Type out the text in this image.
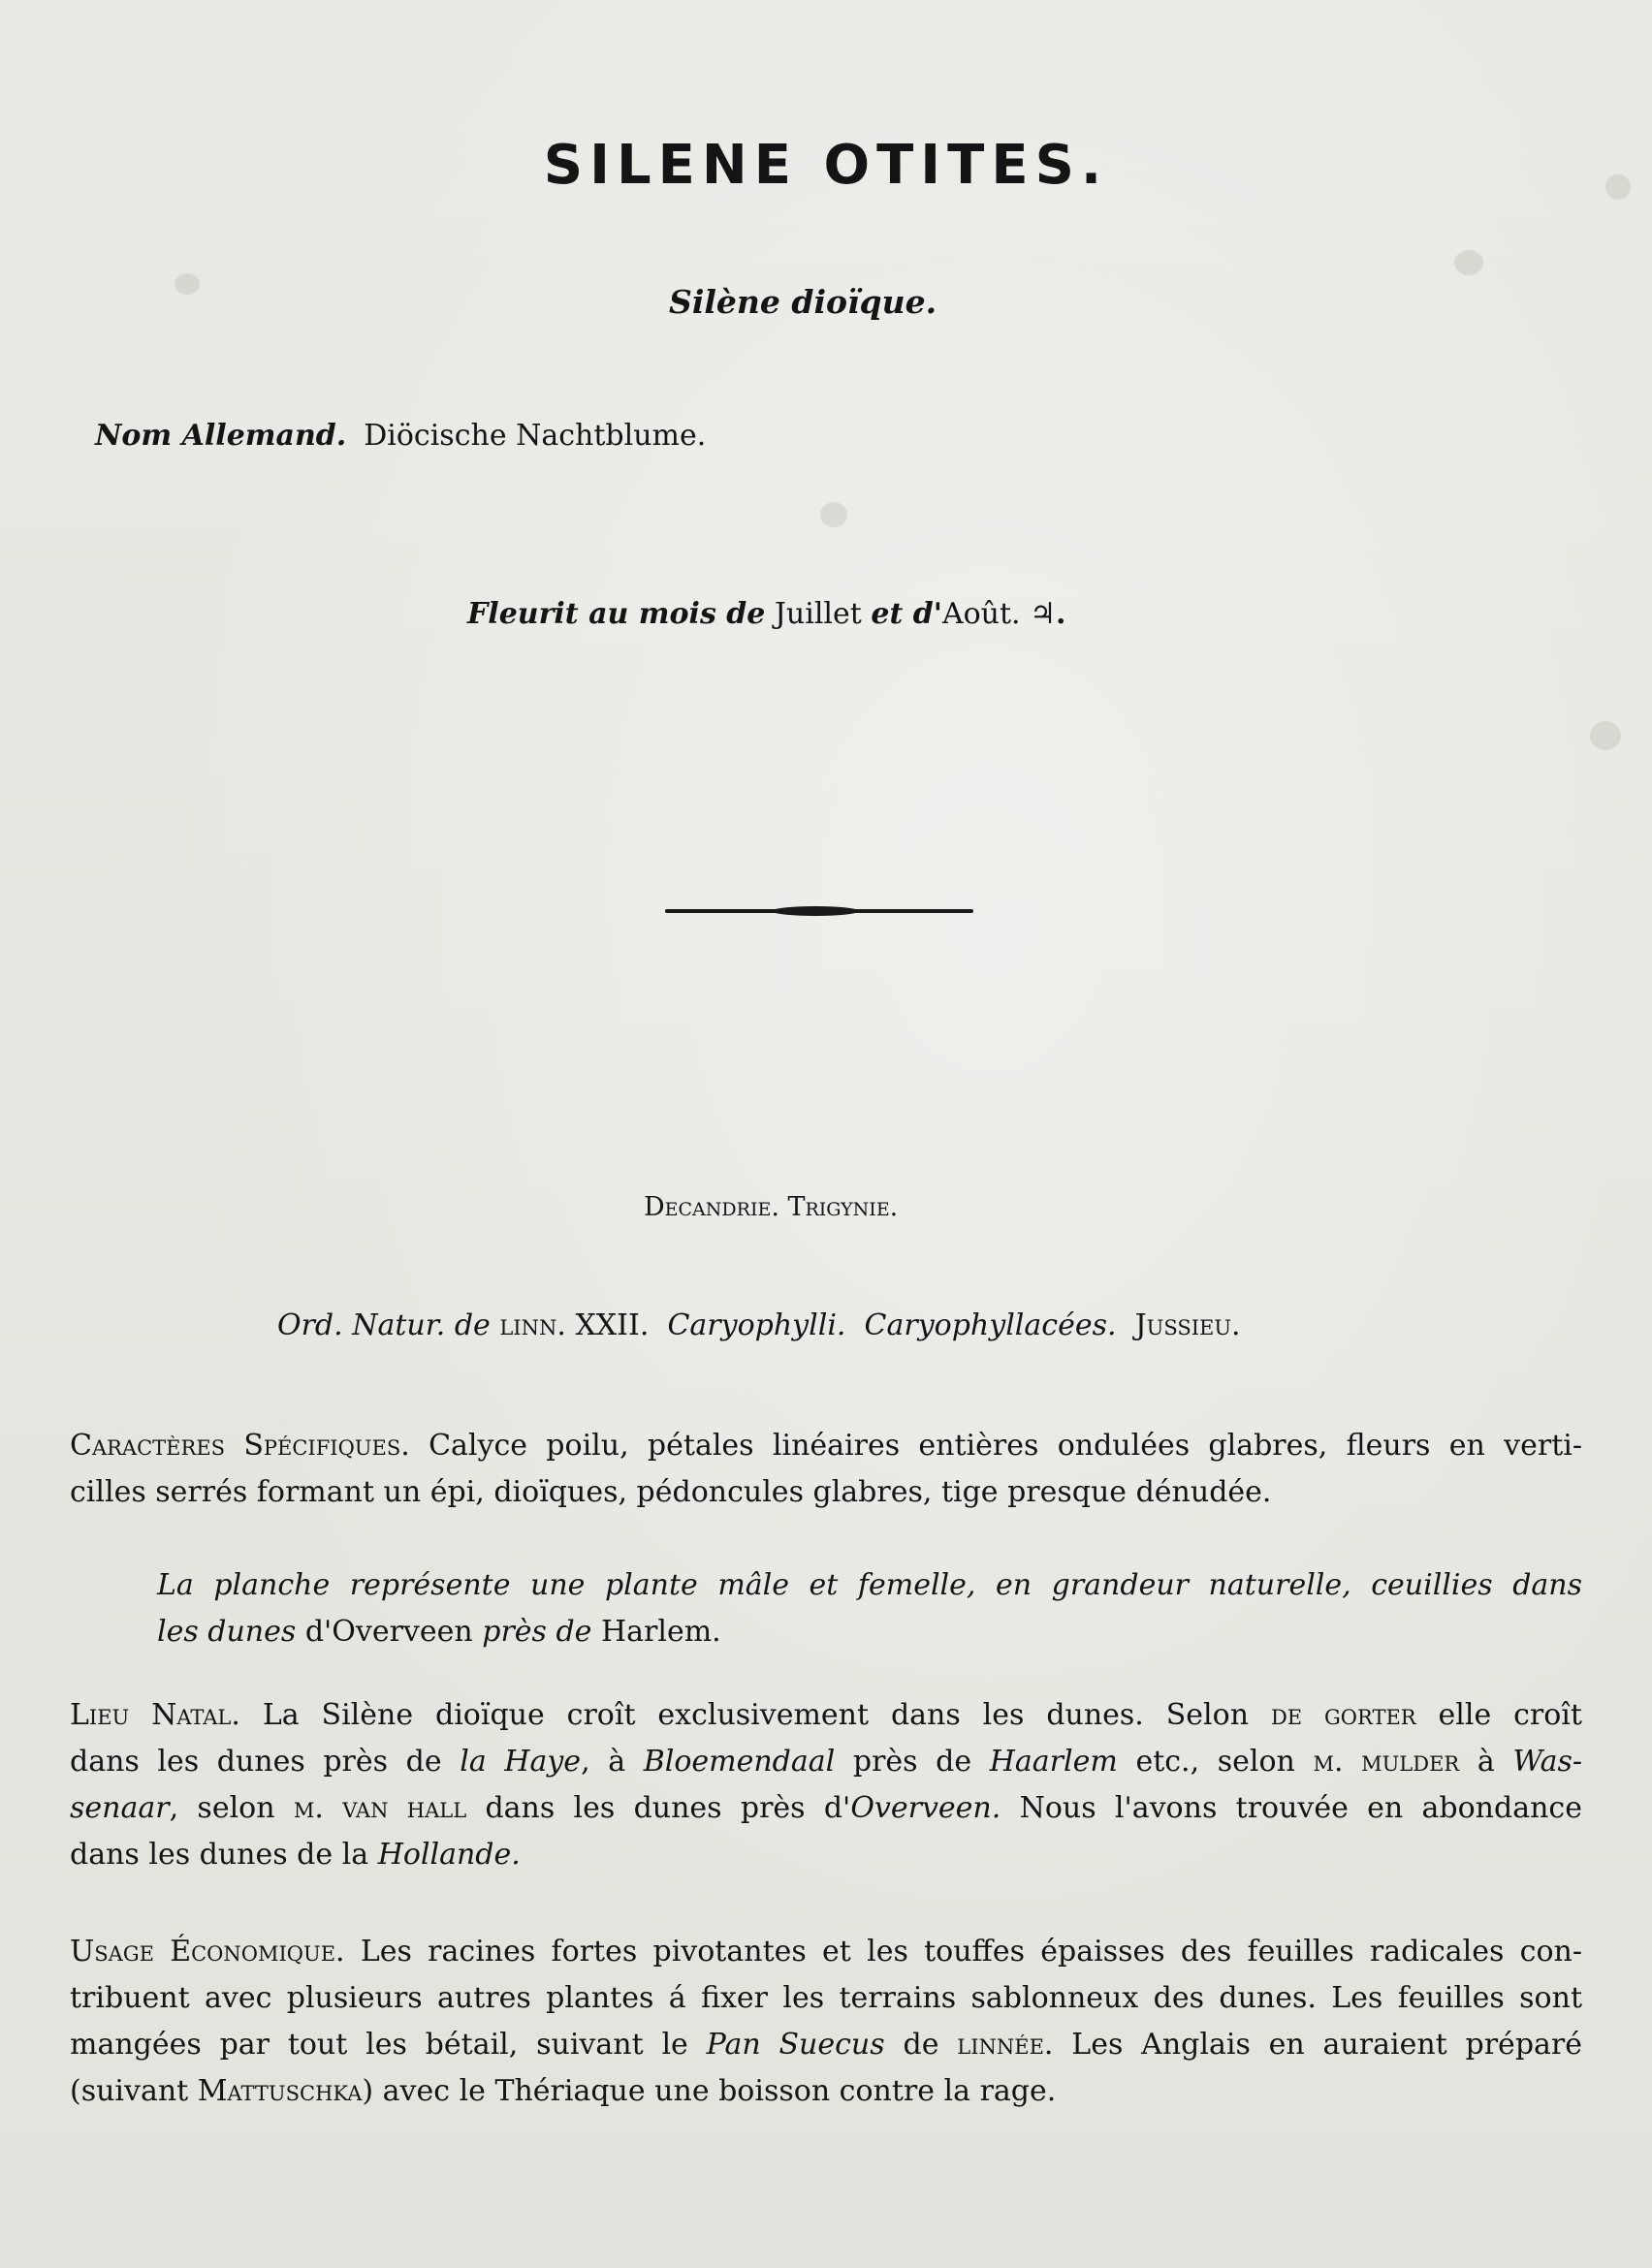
SILENE OTITES.
Silène dioïque.
Nom Allemand. Diöcische Nachtblume.
Fleurit au mois de Juillet et d'Août. ♃.
Decandrie. Trigynie.
Ord. Natur. de linn. XXII. Caryophylli. Caryophyllacées. Jussieu.
Caractères Spécifiques. Calyce poilu, pétales linéaires entières ondulées glabres, fleurs en verti-
cilles serrés formant un épi, dioïques, pédoncules glabres, tige presque dénudée.
La planche représente une plante mâle et femelle, en grandeur naturelle, ceuillies dans
les dunes d'Overveen près de Harlem.
Lieu Natal. La Silène dioïque croît exclusivement dans les dunes. Selon de gorter elle croît
dans les dunes près de la Haye, à Bloemendaal près de Haarlem etc., selon m. mulder à Was-
senaar, selon m. van hall dans les dunes près d'Overveen. Nous l'avons trouvée en abondance
dans les dunes de la Hollande.
Usage Économique. Les racines fortes pivotantes et les touffes épaisses des feuilles radicales con-
tribuent avec plusieurs autres plantes á fixer les terrains sablonneux des dunes. Les feuilles sont
mangées par tout les bétail, suivant le Pan Suecus de linnée. Les Anglais en auraient préparé
(suivant Mattuschka) avec le Thériaque une boisson contre la rage.
